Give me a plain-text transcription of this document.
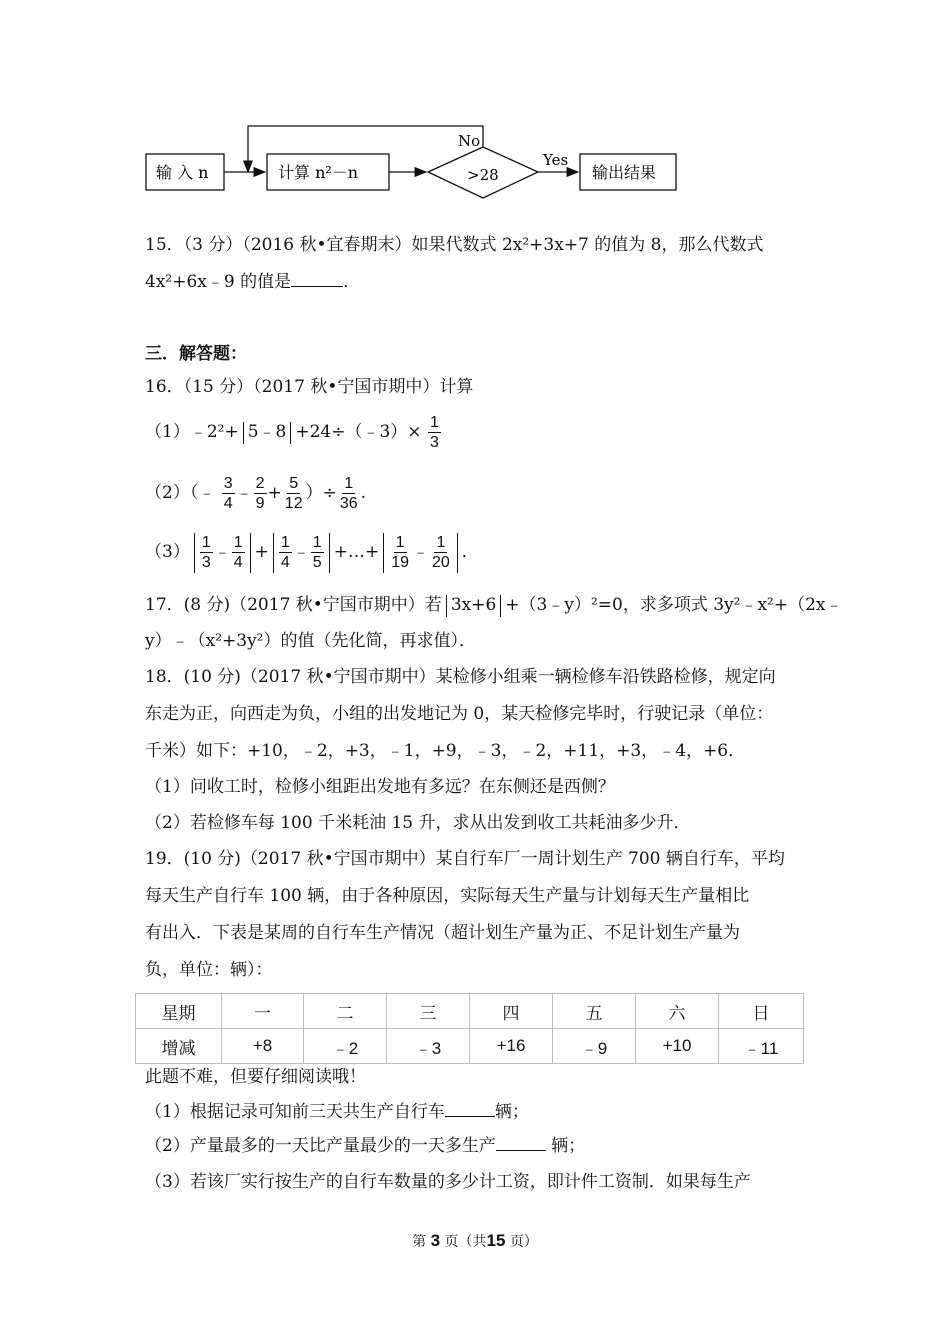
输 入 n	计算 n²－n	>28
No
Yes
输出结果
15．（3 分）（2016 秋•宜春期末）如果代数式 2x²+3x+7 的值为 8，那么代数式
4x²+6x﹣9 的值是	．
三．解答题：
16．（15 分）（2017 秋•宁国市期中）计算
（1）﹣2²+ 5﹣8 +24÷（﹣3）× $\frac{1}{3}$
（2）（﹣ $\frac{3}{4}$ ﹣ $\frac{2}{9} + \frac{5}{12}$ ）÷ $\frac{1}{36}$ .
$(3) \frac{1}{3}$ ﹣ $\frac{1}{4} + \frac{1}{4}$ ﹣ $\frac{1}{5}$ +…+ $\frac{1}{19}$ ﹣ $\frac{1}{20}$ ．
17．(8 分)（2017 秋•宁国市期中）若 3x+6 +（3﹣y）²=0，求多项式 3y²﹣x²+（2x﹣
y）﹣（x²+3y²）的值（先化简，再求值）．
18．(10 分)（2017 秋•宁国市期中）某检修小组乘一辆检修车沿铁路检修，规定向
东走为正，向西走为负，小组的出发地记为 0，某天检修完毕时，行驶记录（单位：
千米）如下：+10，﹣2，+3，﹣1，+9，﹣3，﹣2，+11，+3，﹣4，+6．
（1）问收工时，检修小组距出发地有多远？在东侧还是西侧？
（2）若检修车每 100 千米耗油 15 升，求从出发到收工共耗油多少升．
19．(10 分)（2017 秋•宁国市期中）某自行车厂一周计划生产 700 辆自行车，平均
每天生产自行车 100 辆，由于各种原因，实际每天生产量与计划每天生产量相比
有出入．下表是某周的自行车生产情况（超计划生产量为正、不足计划生产量为
负，单位：辆）：
星期	一	二	三	四	五	六	日
增减	+8	﹣2	﹣3	+16	﹣9	+10	﹣11
此题不难，但要仔细阅读哦！
（1）根据记录可知前三天共生产自行车	辆；
（2）产量最多的一天比产量最少的一天多生产	辆；
（3）若该厂实行按生产的自行车数量的多少计工资，即计件工资制．如果每生产
第 3 页（共15 页）
